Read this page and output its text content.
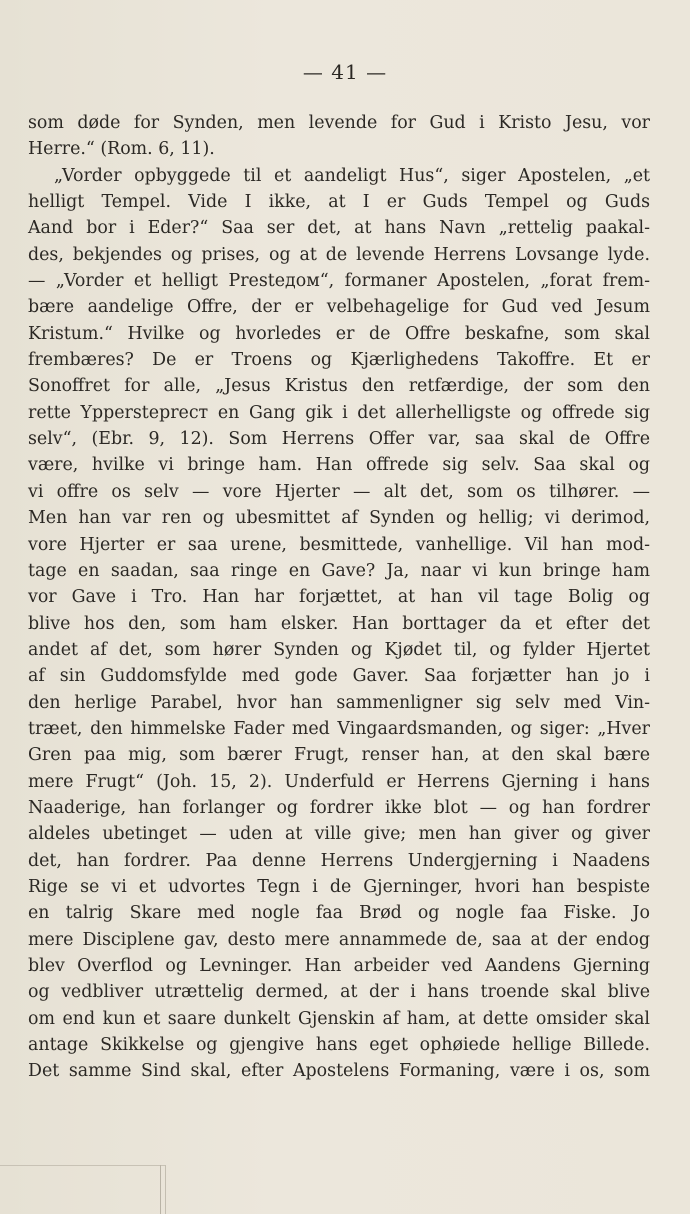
— 41 —
som døde for Synden, men levende for Gud i Kristo Jesu, vor
Herre.“ (Rom. 6, 11).
„Vorder opbyggede til et aandeligt Hus“, siger Apostelen, „et
helligt Tempel. Vide I ikke, at I er Guds Tempel og Guds
Aand bor i Eder?“ Saa ser det, at hans Navn „rettelig paakal-
des, bekjendes og prises, og at de levende Herrens Lovsange lyde.
— „Vorder et helligt Presteдом“, formaner Apostelen, „forat frem-
bære aandelige Offre, der er velbehagelige for Gud ved Jesum
Kristum.“ Hvilke og hvorledes er de Offre beskafne, som skal
frembæres? De er Troens og Kjærlighedens Takoffre. Et er
Sonoffret for alle, „Jesus Kristus den retfærdige, der som den
rette Ypperstepreст en Gang gik i det allerhelligste og offrede sig
selv“, (Ebr. 9, 12). Som Herrens Offer var, saa skal de Offre
være, hvilke vi bringe ham. Han offrede sig selv. Saa skal og
vi offre os selv — vore Hjerter — alt det, som os tilhører. —
Men han var ren og ubesmittet af Synden og hellig; vi derimod,
vore Hjerter er saa urene, besmittede, vanhellige. Vil han mod-
tage en saadan, saa ringe en Gave? Ja, naar vi kun bringe ham
vor Gave i Tro. Han har forjættet, at han vil tage Bolig og
blive hos den, som ham elsker. Han borttager da et efter det
andet af det, som hører Synden og Kjødet til, og fylder Hjertet
af sin Guddomsfylde med gode Gaver. Saa forjætter han jo i
den herlige Parabel, hvor han sammenligner sig selv med Vin-
træet, den himmelske Fader med Vingaardsmanden, og siger: „Hver
Gren paa mig, som bærer Frugt, renser han, at den skal bære
mere Frugt“ (Joh. 15, 2). Underfuld er Herrens Gjerning i hans
Naaderige, han forlanger og fordrer ikke blot — og han fordrer
aldeles ubetinget — uden at ville give; men han giver og giver
det, han fordrer. Paa denne Herrens Undergjerning i Naadens
Rige se vi et udvortes Tegn i de Gjerninger, hvori han bespiste
en talrig Skare med nogle faa Brød og nogle faa Fiske. Jo
mere Disciplene gav, desto mere annammede de, saa at der endog
blev Overflod og Levninger. Han arbeider ved Aandens Gjerning
og vedbliver utrættelig dermed, at der i hans troende skal blive
om end kun et saare dunkelt Gjenskin af ham, at dette omsider skal
antage Skikkelse og gjengive hans eget ophøiede hellige Billede.
Det samme Sind skal, efter Apostelens Formaning, være i os, som
